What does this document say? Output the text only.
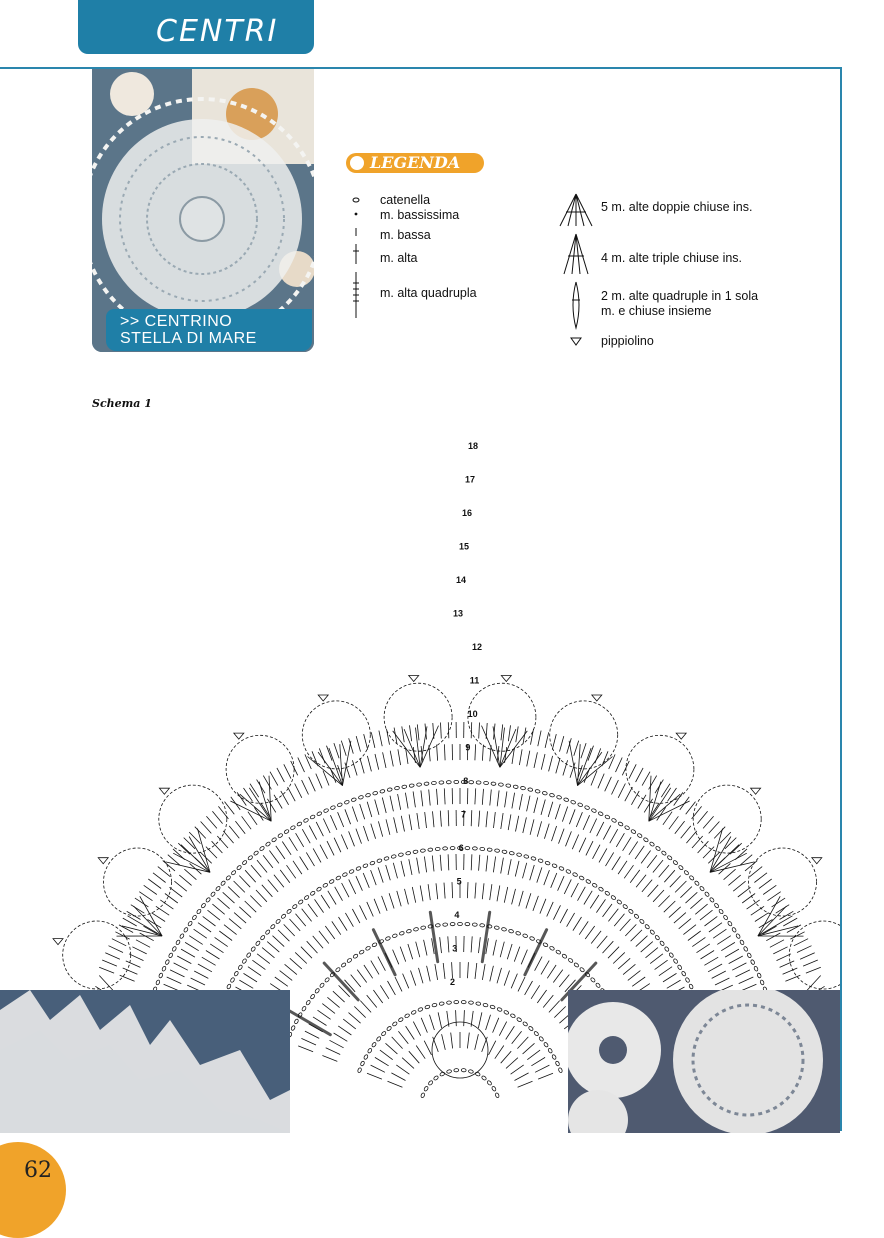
CENTRI
>> CENTRINO
STELLA DI MARE
LEGENDA
catenella
m. bassissima
m. bassa
m. alta
m. alta quadrupla
5 m. alte doppie chiuse ins.
4 m. alte triple chiuse ins.
2 m. alte quadruple in 1 sola
m. e chiuse insieme
pippiolino
Schema 1
2
3
4
5
6
7
8
9
10
11
12
13
14
15
16
17
18
62
